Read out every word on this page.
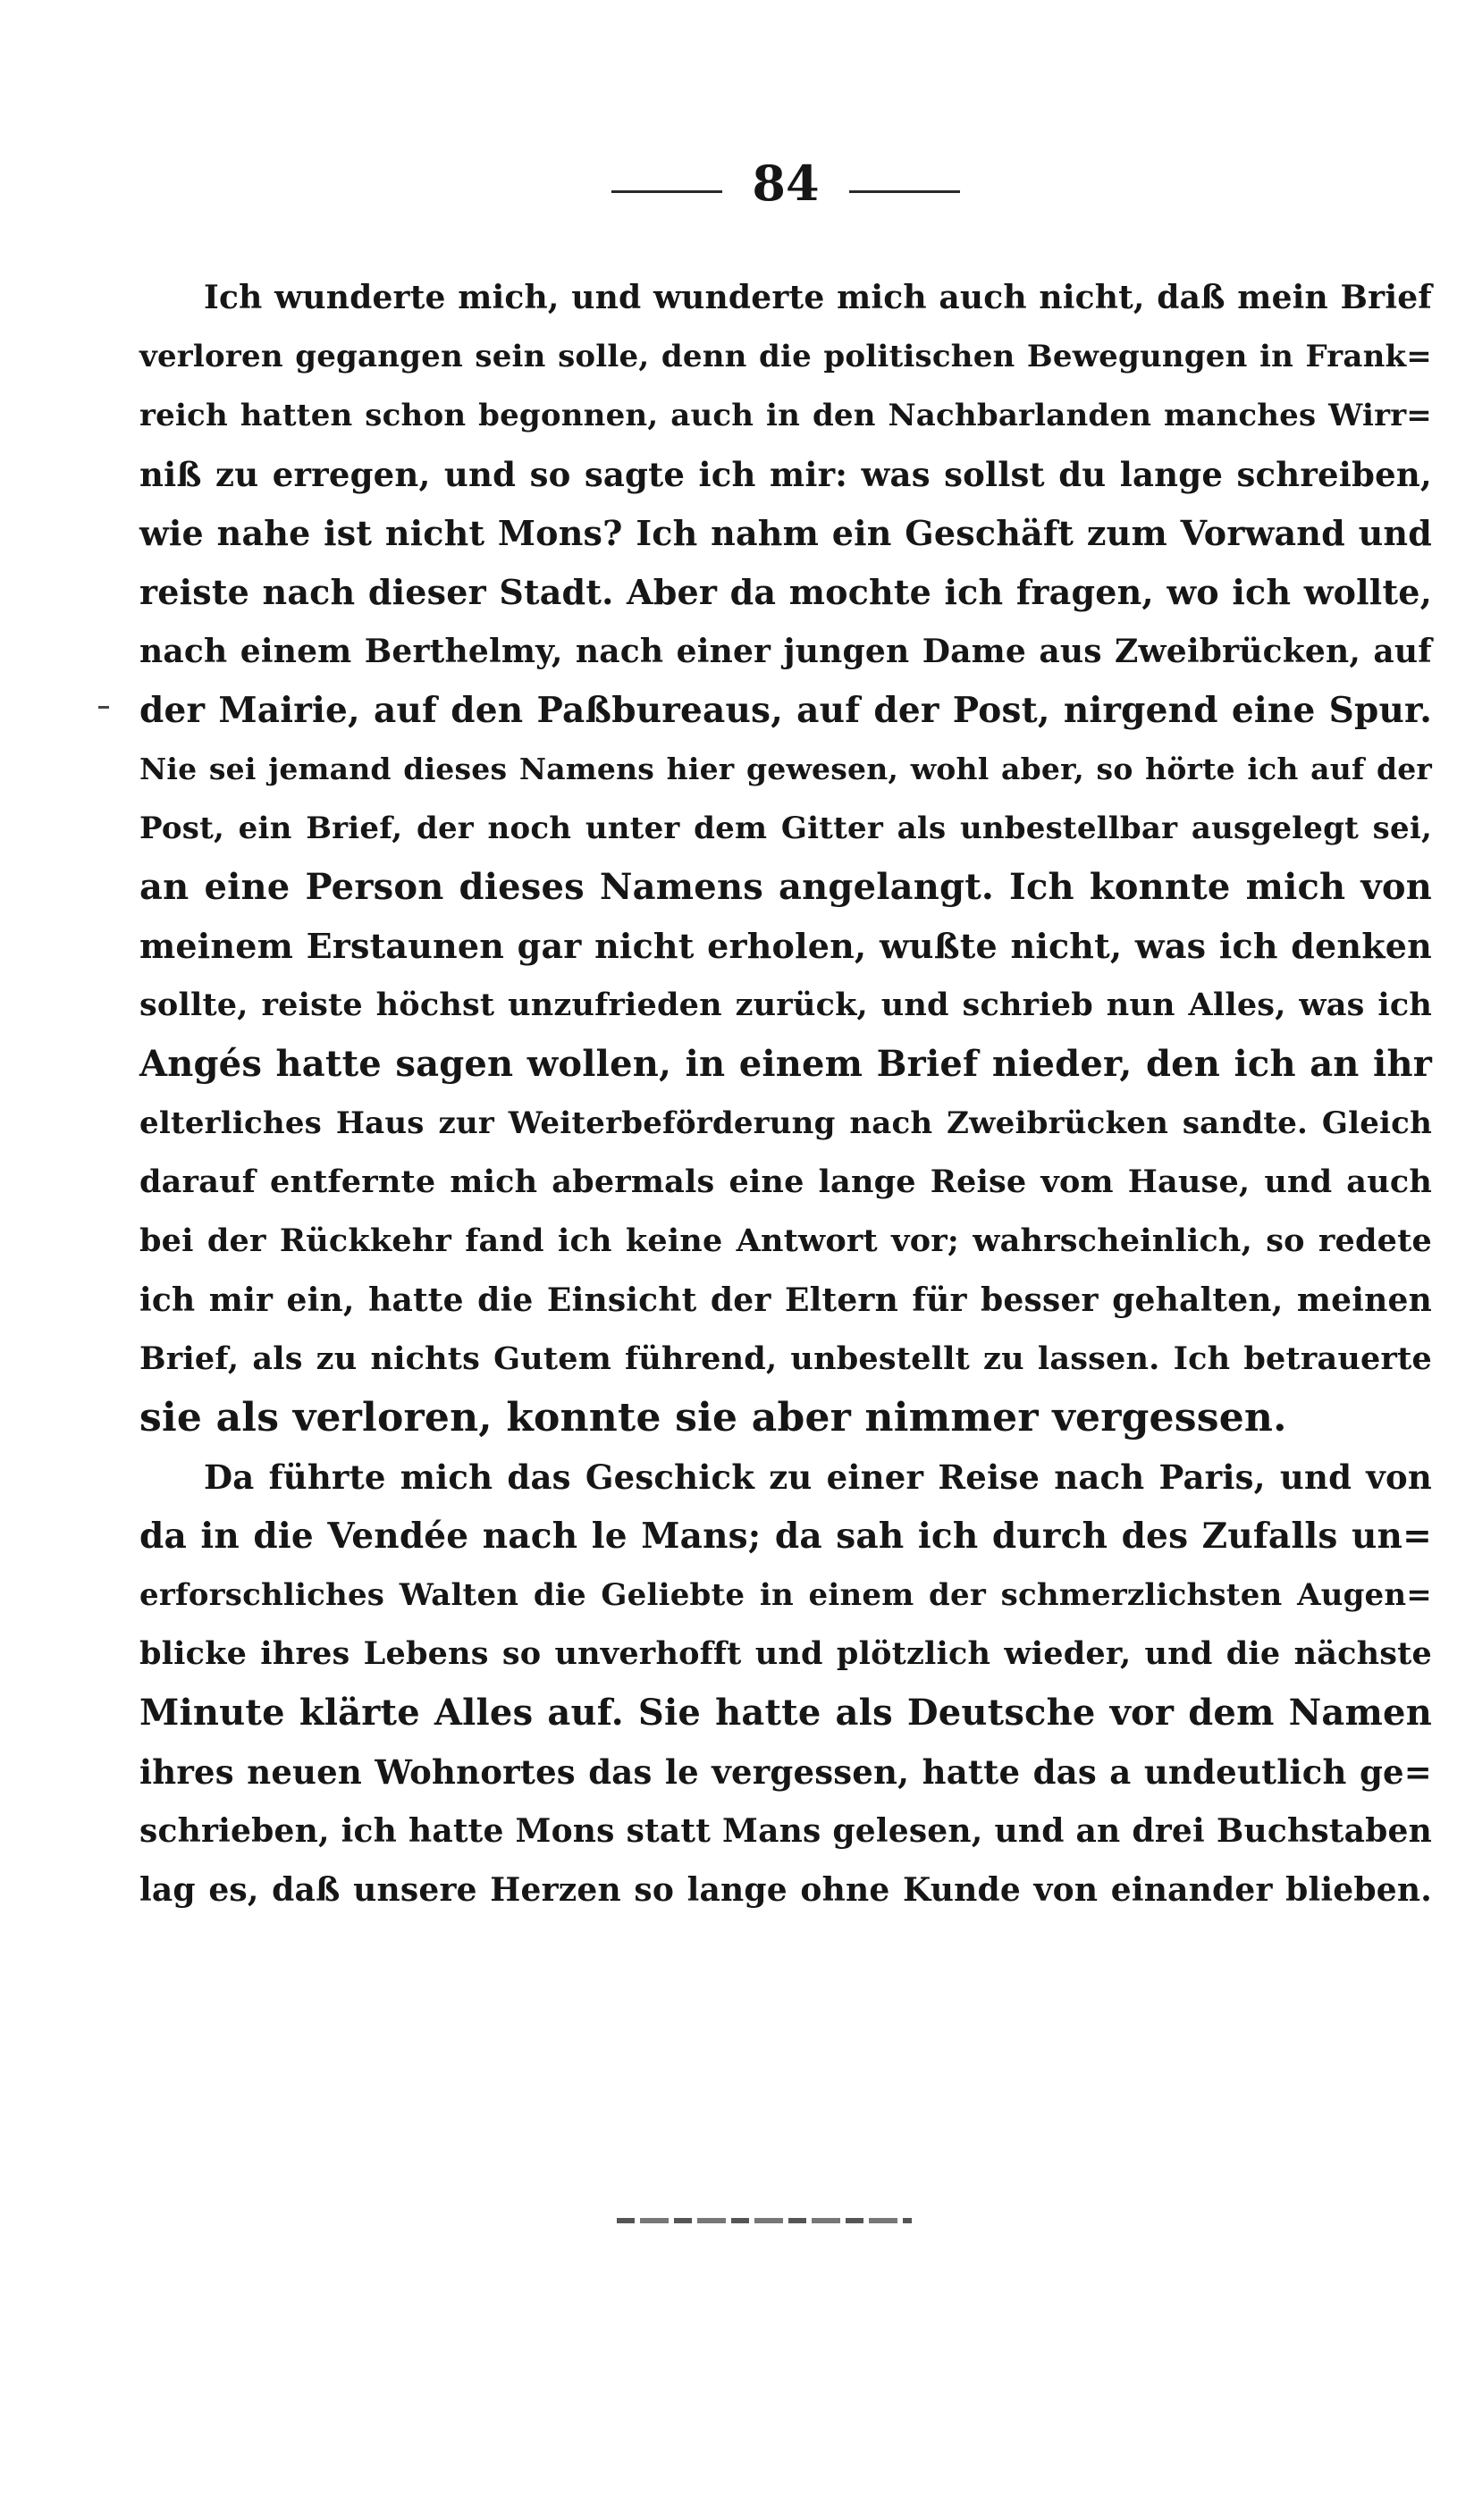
84
Ich wunderte mich, und wunderte mich auch nicht, daß mein Brief
verloren gegangen sein solle, denn die politischen Bewegungen in Frank=
reich hatten schon begonnen, auch in den Nachbarlanden manches Wirr=
niß zu erregen, und so sagte ich mir: was sollst du lange schreiben,
wie nahe ist nicht Mons? Ich nahm ein Geschäft zum Vorwand und
reiste nach dieser Stadt. Aber da mochte ich fragen, wo ich wollte,
nach einem Berthelmy, nach einer jungen Dame aus Zweibrücken, auf
der Mairie, auf den Paßbureaus, auf der Post, nirgend eine Spur.
Nie sei jemand dieses Namens hier gewesen, wohl aber, so hörte ich auf der
Post, ein Brief, der noch unter dem Gitter als unbestellbar ausgelegt sei,
an eine Person dieses Namens angelangt. Ich konnte mich von
meinem Erstaunen gar nicht erholen, wußte nicht, was ich denken
sollte, reiste höchst unzufrieden zurück, und schrieb nun Alles, was ich
Angés hatte sagen wollen, in einem Brief nieder, den ich an ihr
elterliches Haus zur Weiterbeförderung nach Zweibrücken sandte. Gleich
darauf entfernte mich abermals eine lange Reise vom Hause, und auch
bei der Rückkehr fand ich keine Antwort vor; wahrscheinlich, so redete
ich mir ein, hatte die Einsicht der Eltern für besser gehalten, meinen
Brief, als zu nichts Gutem führend, unbestellt zu lassen. Ich betrauerte
sie als verloren, konnte sie aber nimmer vergessen.
Da führte mich das Geschick zu einer Reise nach Paris, und von
da in die Vendée nach le Mans; da sah ich durch des Zufalls un=
erforschliches Walten die Geliebte in einem der schmerzlichsten Augen=
blicke ihres Lebens so unverhofft und plötzlich wieder, und die nächste
Minute klärte Alles auf. Sie hatte als Deutsche vor dem Namen
ihres neuen Wohnortes das le vergessen, hatte das a undeutlich ge=
schrieben, ich hatte Mons statt Mans gelesen, und an drei Buchstaben
lag es, daß unsere Herzen so lange ohne Kunde von einander blieben.
